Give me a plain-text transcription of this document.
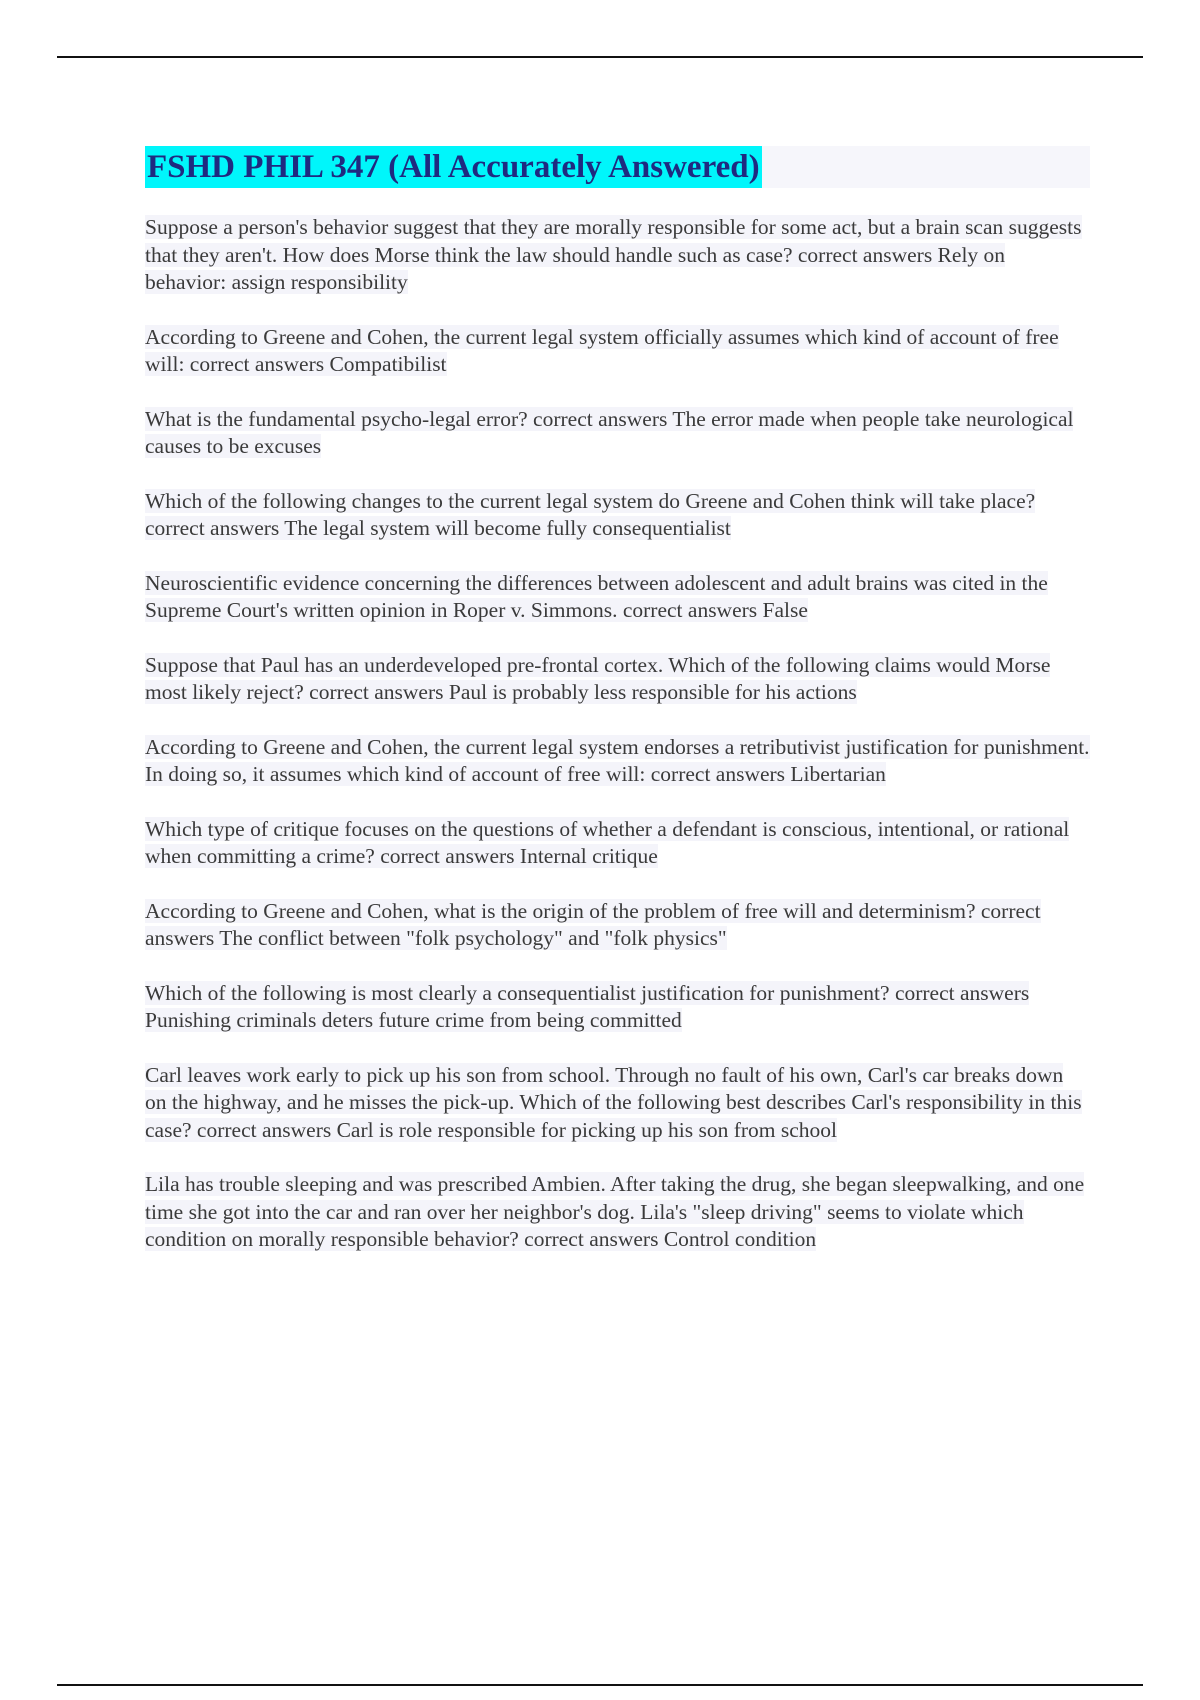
FSHD PHIL 347 (All Accurately Answered)

Suppose a person's behavior suggest that they are morally responsible for some act, but a brain scan suggests that they aren't. How does Morse think the law should handle such as case? correct answers Rely on behavior: assign responsibility

According to Greene and Cohen, the current legal system officially assumes which kind of account of free will: correct answers Compatibilist

What is the fundamental psycho-legal error? correct answers The error made when people take neurological causes to be excuses

Which of the following changes to the current legal system do Greene and Cohen think will take place? correct answers The legal system will become fully consequentialist

Neuroscientific evidence concerning the differences between adolescent and adult brains was cited in the Supreme Court's written opinion in Roper v. Simmons. correct answers False

Suppose that Paul has an underdeveloped pre-frontal cortex. Which of the following claims would Morse most likely reject? correct answers Paul is probably less responsible for his actions

According to Greene and Cohen, the current legal system endorses a retributivist justification for punishment. In doing so, it assumes which kind of account of free will: correct answers Libertarian

Which type of critique focuses on the questions of whether a defendant is conscious, intentional, or rational when committing a crime? correct answers Internal critique

According to Greene and Cohen, what is the origin of the problem of free will and determinism? correct answers The conflict between "folk psychology" and "folk physics"

Which of the following is most clearly a consequentialist justification for punishment? correct answers Punishing criminals deters future crime from being committed

Carl leaves work early to pick up his son from school. Through no fault of his own, Carl's car breaks down on the highway, and he misses the pick-up. Which of the following best describes Carl's responsibility in this case? correct answers Carl is role responsible for picking up his son from school

Lila has trouble sleeping and was prescribed Ambien. After taking the drug, she began sleepwalking, and one time she got into the car and ran over her neighbor's dog. Lila's "sleep driving" seems to violate which condition on morally responsible behavior? correct answers Control condition
